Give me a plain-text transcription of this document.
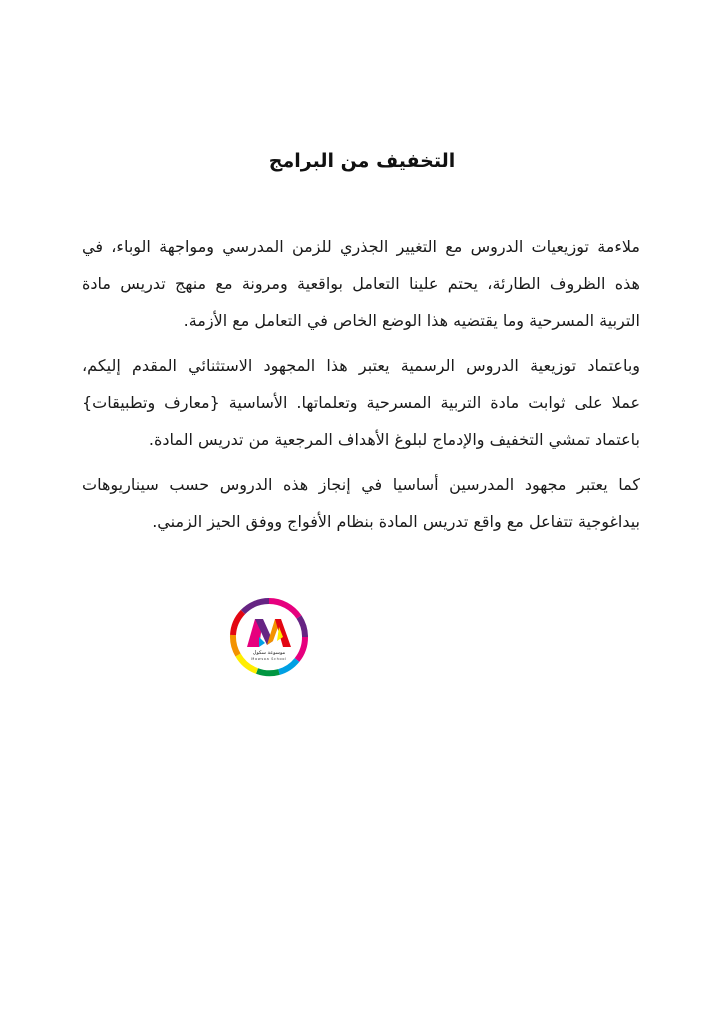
التخفيف من البرامج

ملاءمة توزيعيات الدروس مع التغيير الجذري للزمن المدرسي ومواجهة الوباء، في
هذه الظروف الطارئة، يحتم علينا التعامل بواقعية ومرونة مع منهج تدريس مادة
التربية المسرحية وما يقتضيه هذا الوضع الخاص في التعامل مع الأزمة.

وباعتماد توزيعية الدروس الرسمية يعتبر هذا المجهود الاستثنائي المقدم إليكم،
عملا على ثوابت مادة التربية المسرحية وتعلماتها. الأساسية {معارف وتطبيقات}
باعتماد تمشي التخفيف والإدماج لبلوغ الأهداف المرجعية من تدريس المادة.

كما يعتبر مجهود المدرسين أساسيا في إنجاز هذه الدروس حسب سيناريوهات
بيداغوجية تتفاعل مع واقع تدريس المادة بنظام الأفواج ووفق الحيز الزمني.

موسوعة سكول
Mowsoa School
